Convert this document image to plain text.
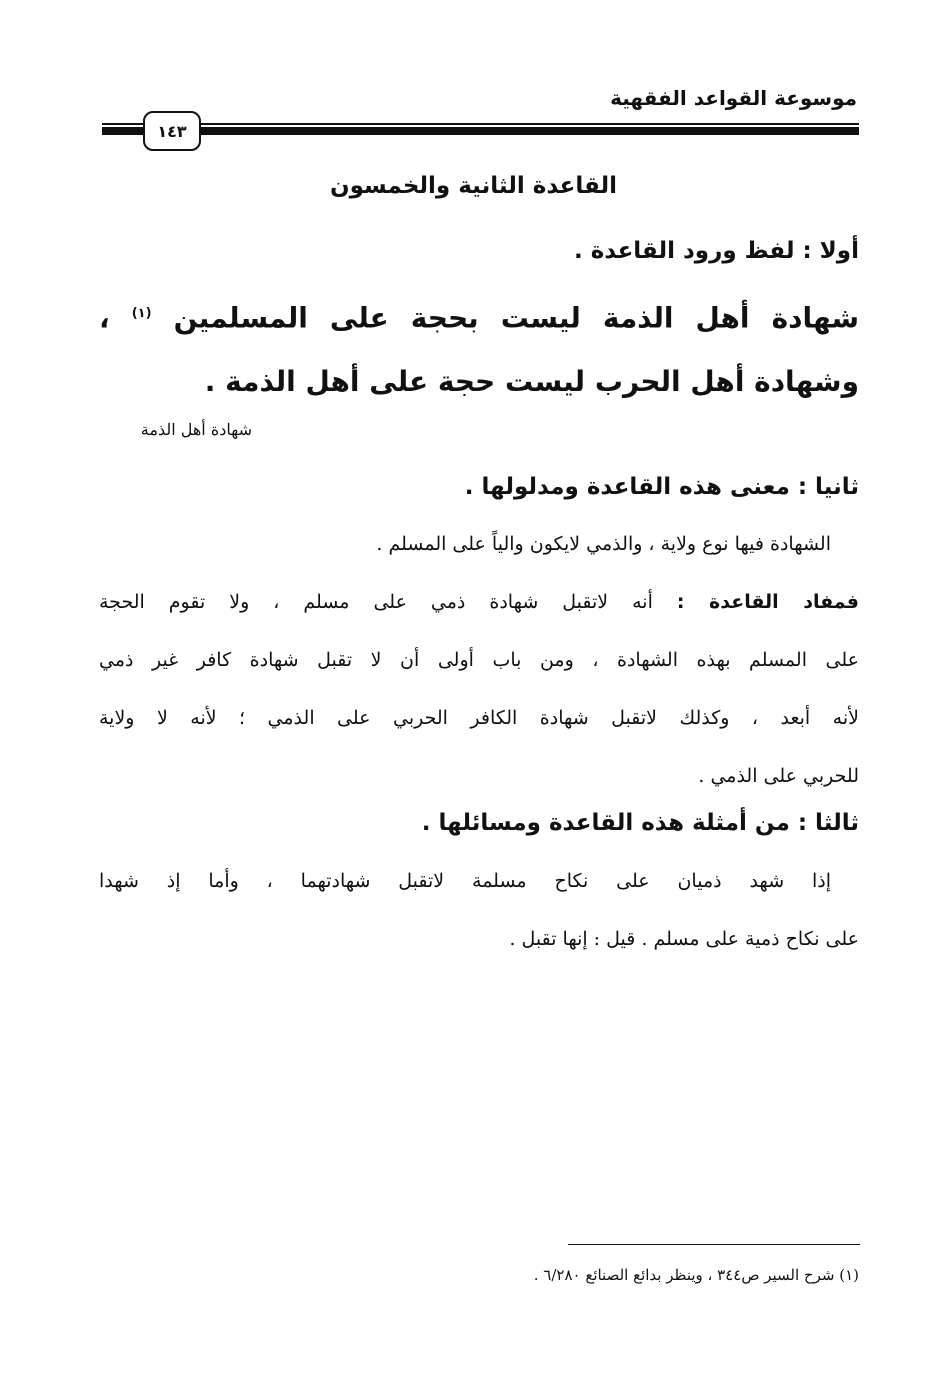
موسوعة القواعد الفقهية
١٤٣
القاعدة الثانية والخمسون
أولا : لفظ ورود القاعدة .
شهادة أهل الذمة ليست بحجة على المسلمين $^{(١)}$ ، وشهادة أهل الحرب ليست حجة على أهل الذمة .
شهادة أهل الذمة
ثانيا : معنى هذه القاعدة ومدلولها .
الشهادة فيها نوع ولاية ، والذمي لايكون والياً على المسلم .
فمفاد القاعدة : أنه لاتقبل شهادة ذمي على مسلم ، ولا تقوم الحجة
على المسلم بهذه الشهادة ، ومن باب أولى أن لا تقبل شهادة كافر غير ذمي
لأنه أبعد ، وكذلك لاتقبل شهادة الكافر الحربي على الذمي ؛ لأنه لا ولاية
للحربي على الذمي .
ثالثا : من أمثلة هذه القاعدة ومسائلها .
إذا شهد ذميان على نكاح مسلمة لاتقبل شهادتهما ، وأما إذ شهدا
على نكاح ذمية على مسلم . قيل : إنها تقبل .
(١) شرح السير ص٣٤٤ ، وينظر بدائع الصنائع ٦/٢٨٠ .
